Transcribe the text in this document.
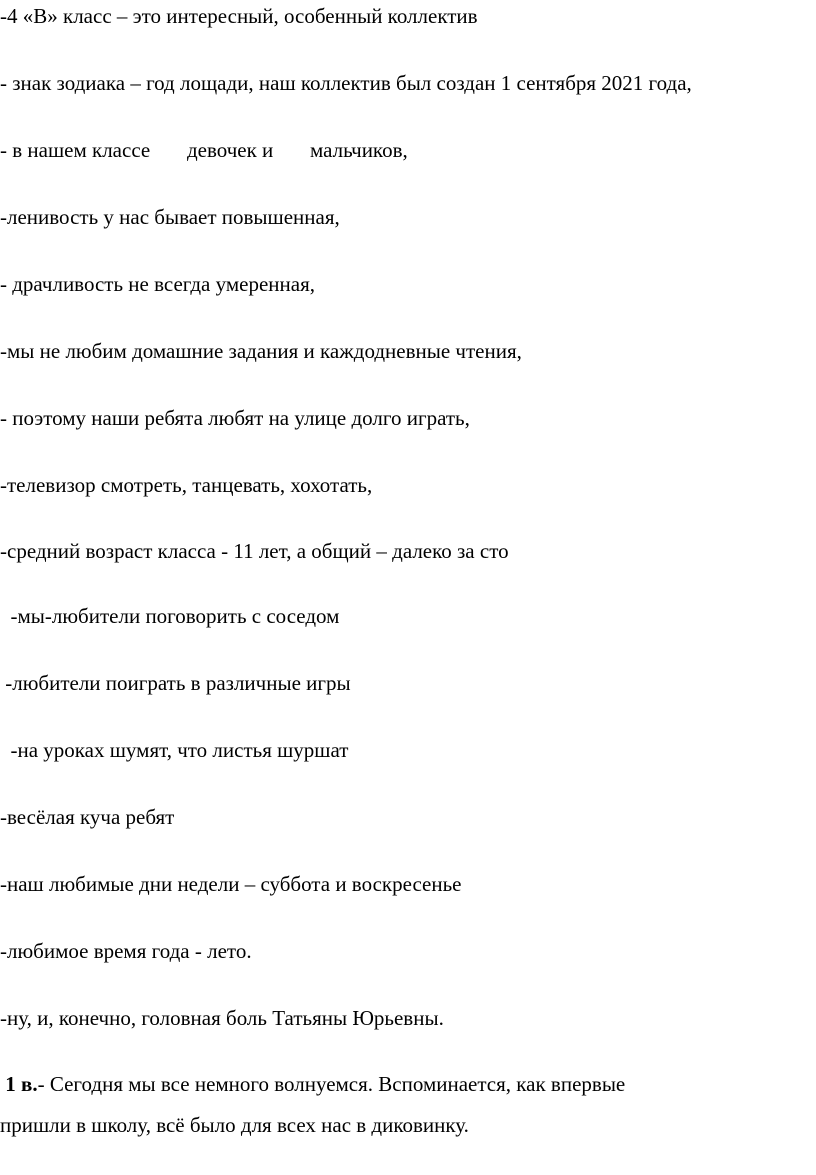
-4 «В» класс – это интересный, особенный коллектив
- знак зодиака – год лощади, наш коллектив был создан 1 сентября 2021 года,
- в нашем классе       девочек и       мальчиков,
-ленивость у нас бывает повышенная,
- драчливость не всегда умеренная,
-мы не любим домашние задания и каждодневные чтения,
- поэтому наши ребята любят на улице долго играть,
-телевизор смотреть, танцевать, хохотать,
-средний возраст класса - 11 лет, а общий – далеко за сто
-мы-любители поговорить с соседом
-любители поиграть в различные игры
-на уроках шумят, что листья шуршат
-весёлая куча ребят
-наш любимые дни недели – суббота и воскресенье
-любимое время года - лето.
-ну, и, конечно, головная боль Татьяны Юрьевны.
1 в.- Сегодня мы все немного волнуемся. Вспоминается, как впервые
пришли в школу, всё было для всех нас в диковинку.
